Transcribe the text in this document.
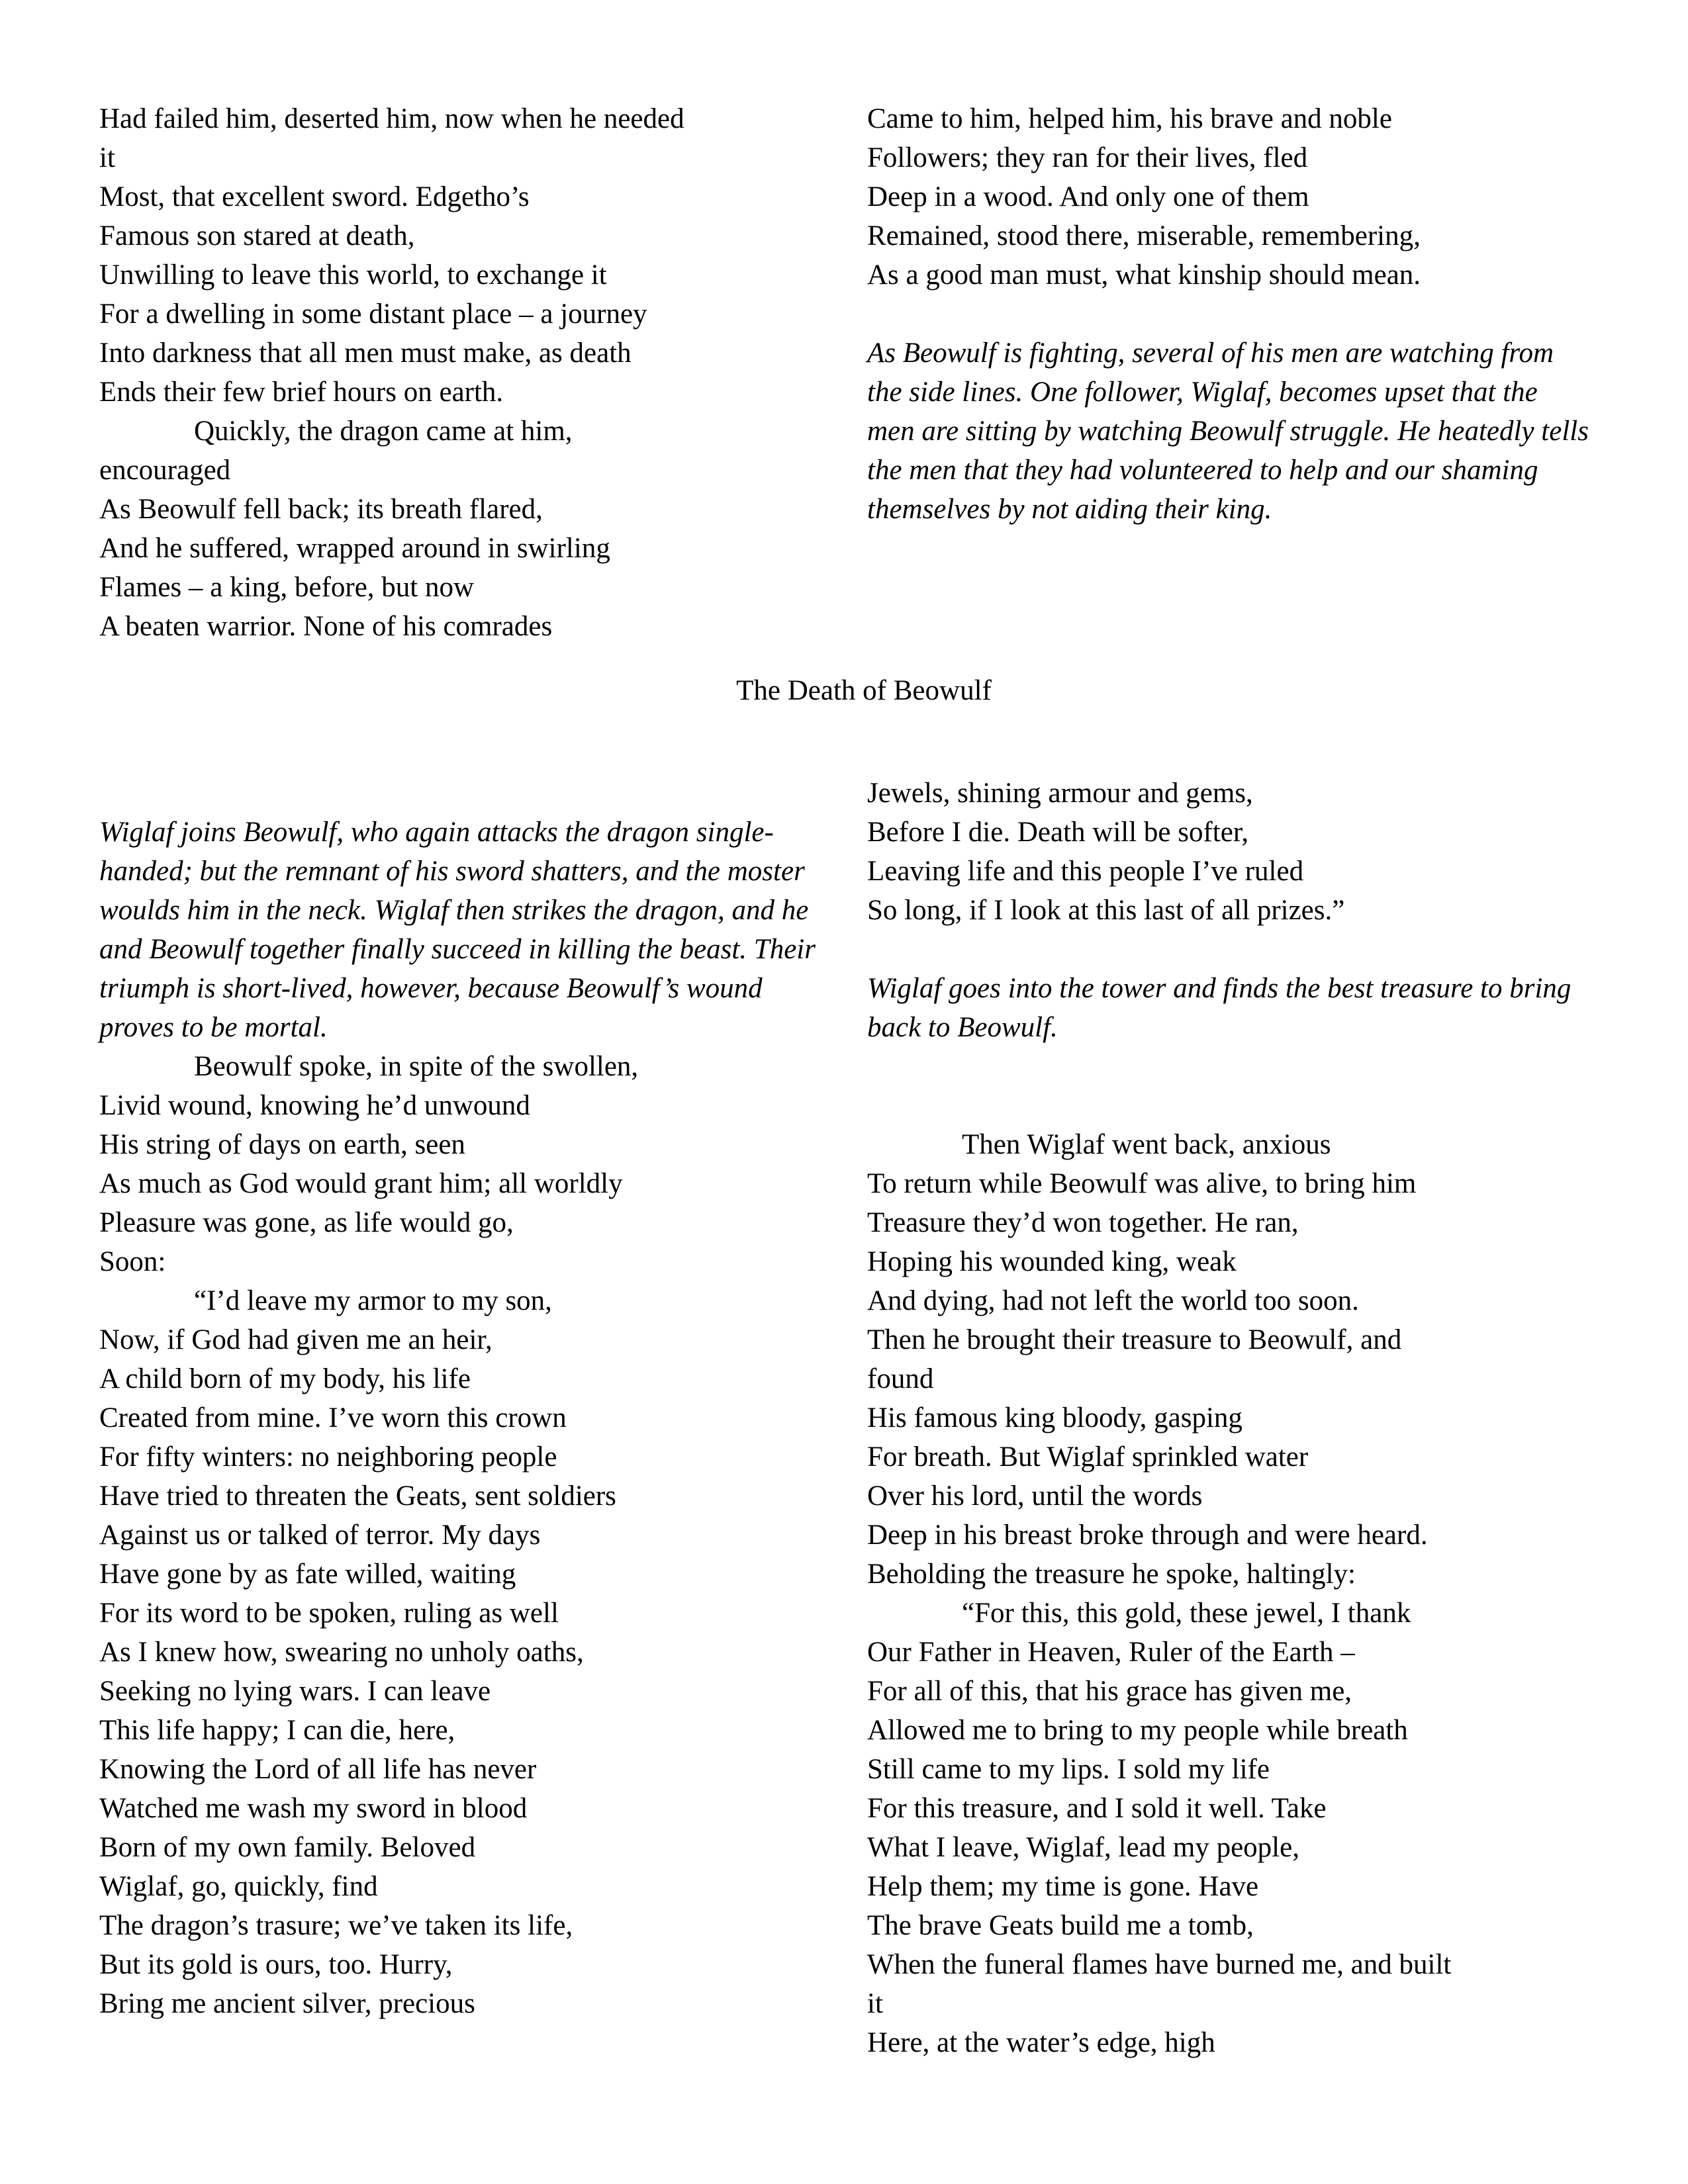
Had failed him, deserted him, now when he needed
it
Most, that excellent sword. Edgetho’s
Famous son stared at death,
Unwilling to leave this world, to exchange it
For a dwelling in some distant place – a journey
Into darkness that all men must make, as death
Ends their few brief hours on earth.
Quickly, the dragon came at him,
encouraged
As Beowulf fell back; its breath flared,
And he suffered, wrapped around in swirling
Flames – a king, before, but now
A beaten warrior. None of his comrades
Came to him, helped him, his brave and noble
Followers; they ran for their lives, fled
Deep in a wood. And only one of them
Remained, stood there, miserable, remembering,
As a good man must, what kinship should mean.

As Beowulf is fighting, several of his men are watching from the side lines. One follower, Wiglaf, becomes upset that the men are sitting by watching Beowulf struggle. He heatedly tells the men that they had volunteered to help and our shaming themselves by not aiding their king.

The Death of Beowulf

Wiglaf joins Beowulf, who again attacks the dragon single-handed; but the remnant of his sword shatters, and the moster woulds him in the neck. Wiglaf then strikes the dragon, and he and Beowulf together finally succeed in killing the beast. Their triumph is short-lived, however, because Beowulf’s wound proves to be mortal.

Beowulf spoke, in spite of the swollen,
Livid wound, knowing he’d unwound
His string of days on earth, seen
As much as God would grant him; all worldly
Pleasure was gone, as life would go,
Soon:
“I’d leave my armor to my son,
Now, if God had given me an heir,
A child born of my body, his life
Created from mine. I’ve worn this crown
For fifty winters: no neighboring people
Have tried to threaten the Geats, sent soldiers
Against us or talked of terror. My days
Have gone by as fate willed, waiting
For its word to be spoken, ruling as well
As I knew how, swearing no unholy oaths,
Seeking no lying wars. I can leave
This life happy; I can die, here,
Knowing the Lord of all life has never
Watched me wash my sword in blood
Born of my own family. Beloved
Wiglaf, go, quickly, find
The dragon’s trasure; we’ve taken its life,
But its gold is ours, too. Hurry,
Bring me ancient silver, precious
Jewels, shining armour and gems,
Before I die. Death will be softer,
Leaving life and this people I’ve ruled
So long, if I look at this last of all prizes.”

Wiglaf goes into the tower and finds the best treasure to bring back to Beowulf.

Then Wiglaf went back, anxious
To return while Beowulf was alive, to bring him
Treasure they’d won together. He ran,
Hoping his wounded king, weak
And dying, had not left the world too soon.
Then he brought their treasure to Beowulf, and
found
His famous king bloody, gasping
For breath. But Wiglaf sprinkled water
Over his lord, until the words
Deep in his breast broke through and were heard.
Beholding the treasure he spoke, haltingly:
“For this, this gold, these jewel, I thank
Our Father in Heaven, Ruler of the Earth –
For all of this, that his grace has given me,
Allowed me to bring to my people while breath
Still came to my lips. I sold my life
For this treasure, and I sold it well. Take
What I leave, Wiglaf, lead my people,
Help them; my time is gone. Have
The brave Geats build me a tomb,
When the funeral flames have burned me, and built
it
Here, at the water’s edge, high
